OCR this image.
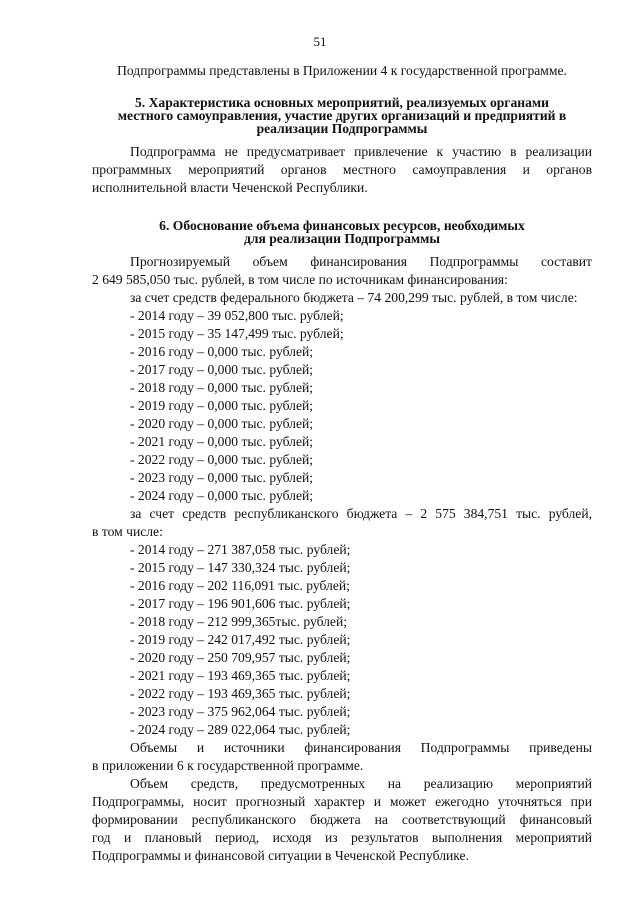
51
Подпрограммы представлены в Приложении 4 к государственной программе.
5. Характеристика основных мероприятий, реализуемых органами
местного самоуправления, участие других организаций и предприятий в
реализации Подпрограммы
Подпрограмма не предусматривает привлечение к участию в реализации
программных мероприятий органов местного самоуправления и органов
исполнительной власти Чеченской Республики.
6. Обоснование объема финансовых ресурсов, необходимых
для реализации Подпрограммы
Прогнозируемый объем финансирования Подпрограммы составит
2 649 585,050 тыс. рублей, в том числе по источникам финансирования:
за счет средств федерального бюджета – 74 200,299 тыс. рублей, в том числе:
- 2014 году – 39 052,800 тыс. рублей;
- 2015 году – 35 147,499 тыс. рублей;
- 2016 году – 0,000 тыс. рублей;
- 2017 году – 0,000 тыс. рублей;
- 2018 году – 0,000 тыс. рублей;
- 2019 году – 0,000 тыс. рублей;
- 2020 году – 0,000 тыс. рублей;
- 2021 году – 0,000 тыс. рублей;
- 2022 году – 0,000 тыс. рублей;
- 2023 году – 0,000 тыс. рублей;
- 2024 году – 0,000 тыс. рублей;
за счет средств республиканского бюджета – 2 575 384,751 тыс. рублей,
в том числе:
- 2014 году – 271 387,058 тыс. рублей;
- 2015 году – 147 330,324 тыс. рублей;
- 2016 году – 202 116,091 тыс. рублей;
- 2017 году – 196 901,606 тыс. рублей;
- 2018 году – 212 999,365тыс. рублей;
- 2019 году – 242 017,492 тыс. рублей;
- 2020 году – 250 709,957 тыс. рублей;
- 2021 году – 193 469,365 тыс. рублей;
- 2022 году – 193 469,365 тыс. рублей;
- 2023 году – 375 962,064 тыс. рублей;
- 2024 году – 289 022,064 тыс. рублей;
Объемы и источники финансирования Подпрограммы приведены
в приложении 6 к государственной программе.
Объем средств, предусмотренных на реализацию мероприятий
Подпрограммы, носит прогнозный характер и может ежегодно уточняться при
формировании республиканского бюджета на соответствующий финансовый
год и плановый период, исходя из результатов выполнения мероприятий
Подпрограммы и финансовой ситуации в Чеченской Республике.
